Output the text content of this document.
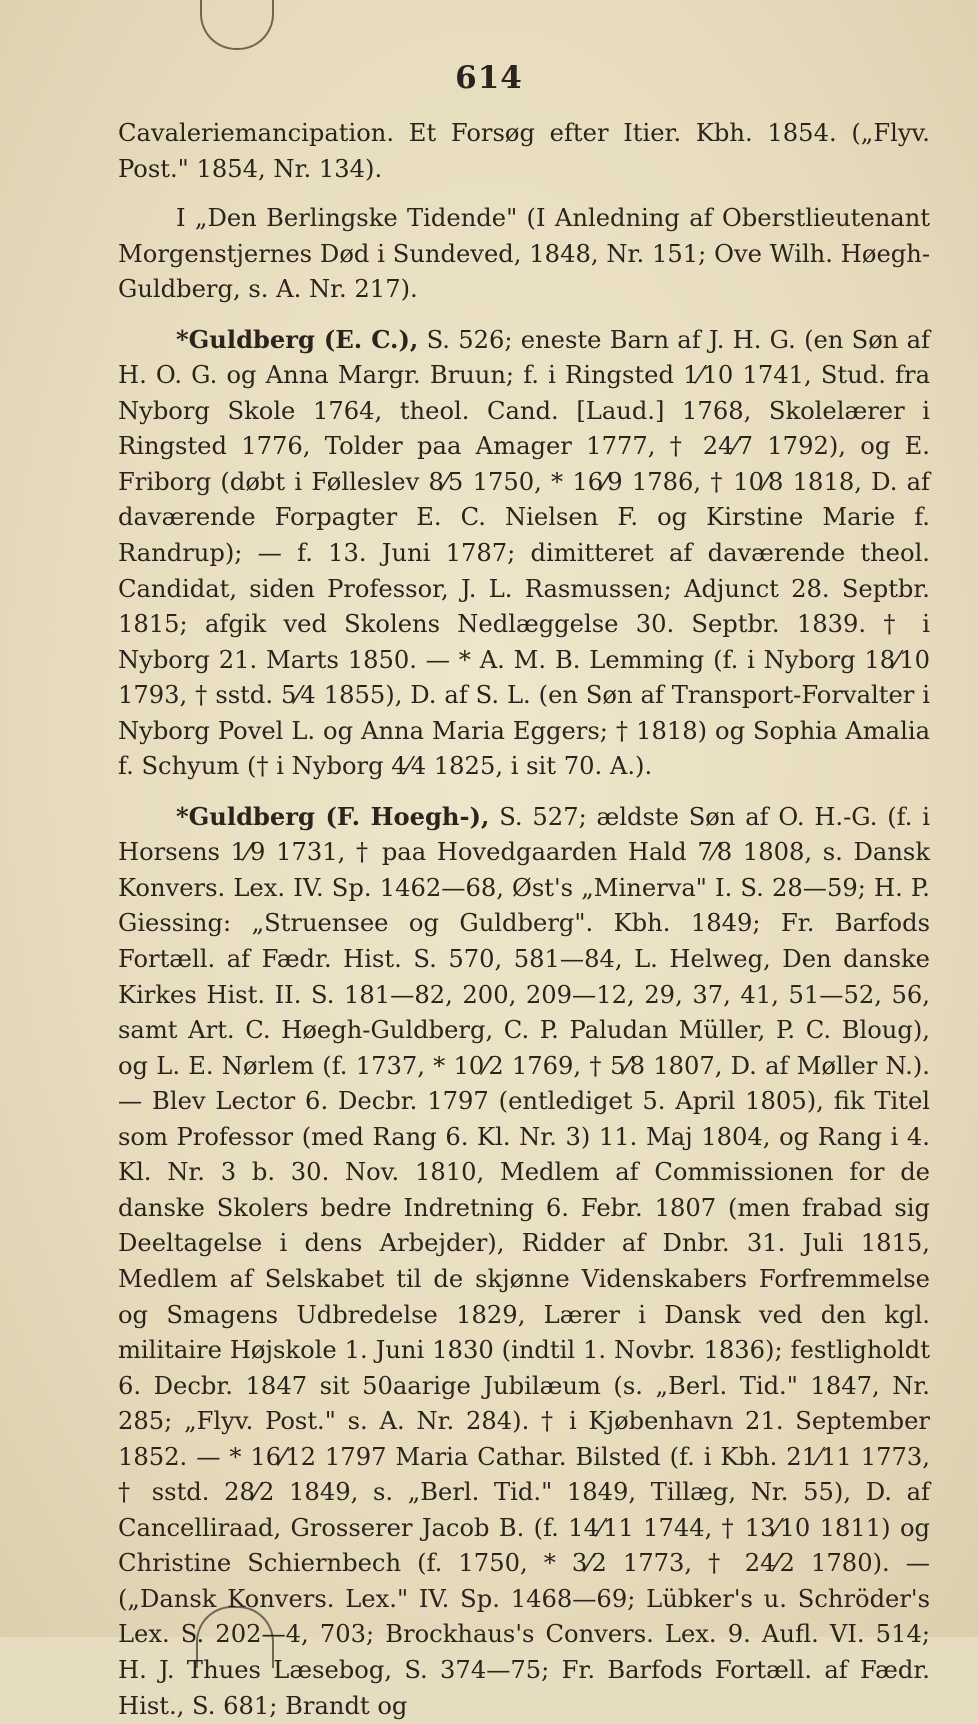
614

Cavaleriemancipation. Et Forsøg efter Itier. Kbh. 1854. („Flyv. Post." 1854, Nr. 134).

I „Den Berlingske Tidende" (I Anledning af Oberstlieutenant Morgenstjernes Død i Sundeved, 1848, Nr. 151; Ove Wilh. Høegh-Guldberg, s. A. Nr. 217).

*Guldberg (E. C.), S. 526; eneste Barn af J. H. G. (en Søn af H. O. G. og Anna Margr. Bruun; f. i Ringsted 1⁄10 1741, Stud. fra Nyborg Skole 1764, theol. Cand. [Laud.] 1768, Skolelærer i Ringsted 1776, Tolder paa Amager 1777, † 24⁄7 1792), og E. Friborg (døbt i Følleslev 8⁄5 1750, * 16⁄9 1786, † 10⁄8 1818, D. af daværende Forpagter E. C. Nielsen F. og Kirstine Marie f. Randrup); — f. 13. Juni 1787; dimitteret af daværende theol. Candidat, siden Professor, J. L. Rasmussen; Adjunct 28. Septbr. 1815; afgik ved Skolens Nedlæggelse 30. Septbr. 1839. † i Nyborg 21. Marts 1850. — * A. M. B. Lemming (f. i Nyborg 18⁄10 1793, † sstd. 5⁄4 1855), D. af S. L. (en Søn af Transport-Forvalter i Nyborg Povel L. og Anna Maria Eggers; † 1818) og Sophia Amalia f. Schyum († i Nyborg 4⁄4 1825, i sit 70. A.).

*Guldberg (F. Hoegh-), S. 527; ældste Søn af O. H.-G. (f. i Horsens 1⁄9 1731, † paa Hovedgaarden Hald 7⁄8 1808, s. Dansk Konvers. Lex. IV. Sp. 1462—68, Øst's „Minerva" I. S. 28—59; H. P. Giessing: „Struensee og Guldberg". Kbh. 1849; Fr. Barfods Fortæll. af Fædr. Hist. S. 570, 581—84, L. Helweg, Den danske Kirkes Hist. II. S. 181—82, 200, 209—12, 29, 37, 41, 51—52, 56, samt Art. C. Høegh-Guldberg, C. P. Paludan Müller, P. C. Bloug), og L. E. Nørlem (f. 1737, * 10⁄2 1769, † 5⁄8 1807, D. af Møller N.). — Blev Lector 6. Decbr. 1797 (entlediget 5. April 1805), fik Titel som Professor (med Rang 6. Kl. Nr. 3) 11. Maj 1804, og Rang i 4. Kl. Nr. 3 b. 30. Nov. 1810, Medlem af Commissionen for de danske Skolers bedre Indretning 6. Febr. 1807 (men frabad sig Deeltagelse i dens Arbejder), Ridder af Dnbr. 31. Juli 1815, Medlem af Selskabet til de skjønne Videnskabers Forfremmelse og Smagens Udbredelse 1829, Lærer i Dansk ved den kgl. militaire Højskole 1. Juni 1830 (indtil 1. Novbr. 1836); festligholdt 6. Decbr. 1847 sit 50aarige Jubilæum (s. „Berl. Tid." 1847, Nr. 285; „Flyv. Post." s. A. Nr. 284). † i Kjøbenhavn 21. September 1852. — * 16⁄12 1797 Maria Cathar. Bilsted (f. i Kbh. 21⁄11 1773, † sstd. 28⁄2 1849, s. „Berl. Tid." 1849, Tillæg, Nr. 55), D. af Cancelliraad, Grosserer Jacob B. (f. 14⁄11 1744, † 13⁄10 1811) og Christine Schiernbech (f. 1750, * 3⁄2 1773, † 24⁄2 1780). — („Dansk Konvers. Lex." IV. Sp. 1468—69; Lübker's u. Schröder's Lex. S. 202—4, 703; Brockhaus's Convers. Lex. 9. Aufl. VI. 514; H. J. Thues Læsebog, S. 374—75; Fr. Barfods Fortæll. af Fædr. Hist., S. 681; Brandt og
